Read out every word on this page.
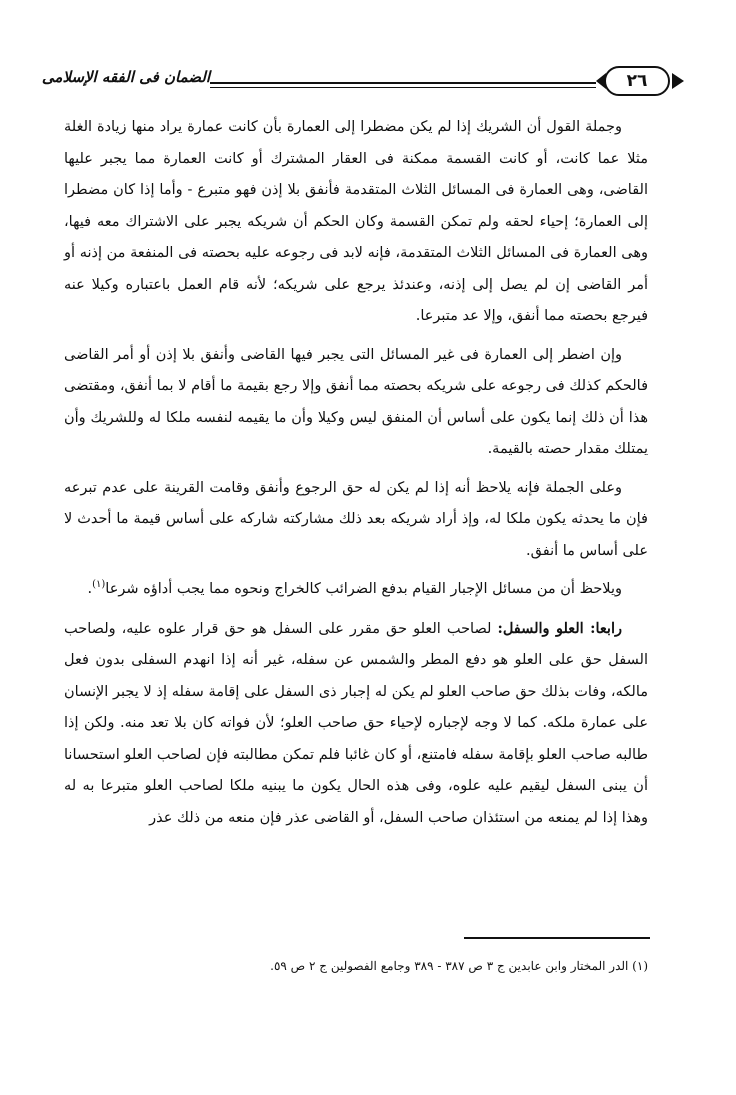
الضمان فى الفقه الإسلامى	٢٦

وجملة القول أن الشريك إذا لم يكن مضطرا إلى العمارة بأن كانت عمارة يراد منها زيادة الغلة مثلا عما كانت، أو كانت القسمة ممكنة فى العقار المشترك أو كانت العمارة مما يجبر عليها القاضى، وهى العمارة فى المسائل الثلاث المتقدمة فأنفق بلا إذن فهو متبرع - وأما إذا كان مضطرا إلى العمارة؛ إحياء لحقه ولم تمكن القسمة وكان الحكم أن شريكه يجبر على الاشتراك معه فيها، وهى العمارة فى المسائل الثلاث المتقدمة، فإنه لابد فى رجوعه عليه بحصته فى المنفعة من إذنه أو أمر القاضى إن لم يصل إلى إذنه، وعندئذ يرجع على شريكه؛ لأنه قام العمل باعتباره وكيلا عنه فيرجع بحصته مما أنفق، وإلا عد متبرعا.

وإن اضطر إلى العمارة فى غير المسائل التى يجبر فيها القاضى وأنفق بلا إذن أو أمر القاضى فالحكم كذلك فى رجوعه على شريكه بحصته مما أنفق وإلا رجع بقيمة ما أقام لا بما أنفق، ومقتضى هذا أن ذلك إنما يكون على أساس أن المنفق ليس وكيلا وأن ما يقيمه لنفسه ملكا له وللشريك وأن يمتلك مقدار حصته بالقيمة.

وعلى الجملة فإنه يلاحظ أنه إذا لم يكن له حق الرجوع وأنفق وقامت القرينة على عدم تبرعه فإن ما يحدثه يكون ملكا له، وإذ أراد شريكه بعد ذلك مشاركته شاركه على أساس قيمة ما أحدث لا على أساس ما أنفق.

ويلاحظ أن من مسائل الإجبار القيام بدفع الضرائب كالخراج ونحوه مما يجب أداؤه شرعا$^{(١)}$.

رابعا: العلو والسفل: لصاحب العلو حق مقرر على السفل هو حق قرار علوه عليه، ولصاحب السفل حق على العلو هو دفع المطر والشمس عن سفله، غير أنه إذا انهدم السفلى بدون فعل مالكه، وفات بذلك حق صاحب العلو لم يكن له إجبار ذى السفل على إقامة سفله إذ لا يجبر الإنسان على عمارة ملكه. كما لا وجه لإجباره لإحياء حق صاحب العلو؛ لأن فواته كان بلا تعد منه. ولكن إذا طالبه صاحب العلو بإقامة سفله فامتنع، أو كان غائبا فلم تمكن مطالبته فإن لصاحب العلو استحسانا أن يبنى السفل ليقيم عليه علوه، وفى هذه الحال يكون ما يبنيه ملكا لصاحب العلو متبرعا به له وهذا إذا لم يمنعه من استئذان صاحب السفل، أو القاضى عذر فإن منعه من ذلك عذر

(١) الدر المختار وابن عابدين ج ٣ ص ٣٨٧ - ٣٨٩ وجامع الفصولين ج ٢ ص ٥٩.
